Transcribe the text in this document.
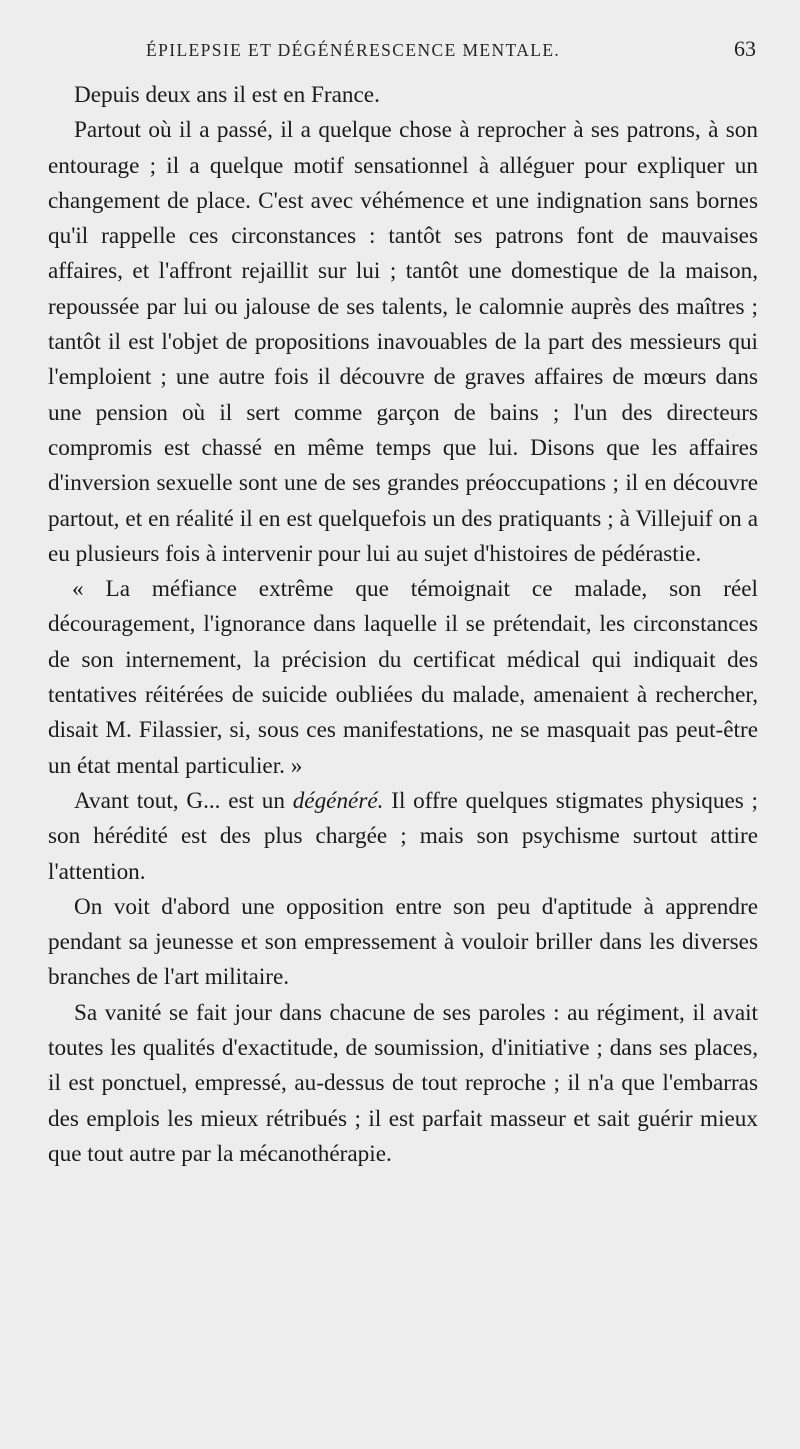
ÉPILEPSIE ET DÉGÉNÉRESCENCE MENTALE.	63

Depuis deux ans il est en France.

Partout où il a passé, il a quelque chose à reprocher à ses patrons, à son entourage ; il a quelque motif sensationnel à alléguer pour expliquer un changement de place. C'est avec véhémence et une indignation sans bornes qu'il rappelle ces circonstances : tantôt ses patrons font de mauvaises affaires, et l'affront rejaillit sur lui ; tantôt une domestique de la maison, repoussée par lui ou jalouse de ses talents, le calomnie auprès des maîtres ; tantôt il est l'objet de propositions inavouables de la part des messieurs qui l'emploient ; une autre fois il découvre de graves affaires de mœurs dans une pension où il sert comme garçon de bains ; l'un des directeurs compromis est chassé en même temps que lui. Disons que les affaires d'inversion sexuelle sont une de ses grandes préoccupations ; il en découvre partout, et en réalité il en est quelquefois un des pratiquants ; à Villejuif on a eu plusieurs fois à intervenir pour lui au sujet d'histoires de pédérastie.

« La méfiance extrême que témoignait ce malade, son réel découragement, l'ignorance dans laquelle il se prétendait, les circonstances de son internement, la précision du certificat médical qui indiquait des tentatives réitérées de suicide oubliées du malade, amenaient à rechercher, disait M. Filassier, si, sous ces manifestations, ne se masquait pas peut-être un état mental particulier. »

Avant tout, G... est un dégénéré. Il offre quelques stigmates physiques ; son hérédité est des plus chargée ; mais son psychisme surtout attire l'attention.

On voit d'abord une opposition entre son peu d'aptitude à apprendre pendant sa jeunesse et son empressement à vouloir briller dans les diverses branches de l'art militaire.

Sa vanité se fait jour dans chacune de ses paroles : au régiment, il avait toutes les qualités d'exactitude, de soumission, d'initiative ; dans ses places, il est ponctuel, empressé, au-dessus de tout reproche ; il n'a que l'embarras des emplois les mieux rétribués ; il est parfait masseur et sait guérir mieux que tout autre par la mécanothérapie.
